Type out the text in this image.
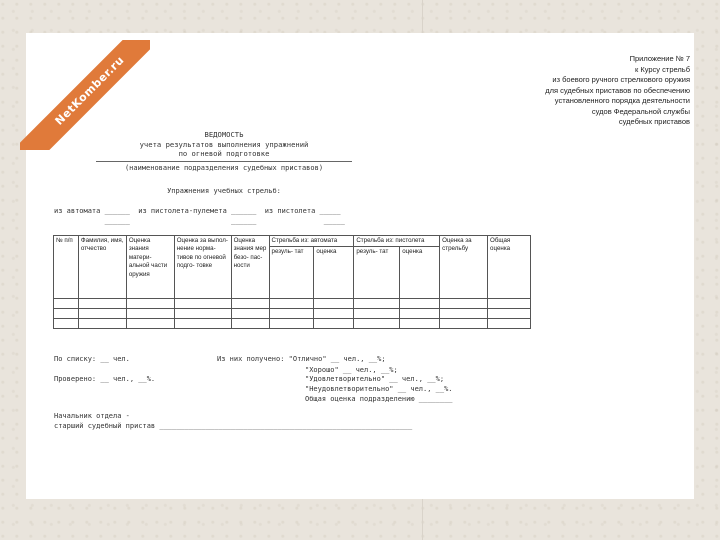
NetKomber.ru	Приложение № 7
к Курсу стрельб
из боевого ручного стрелкового оружия
для судебных приставов по обеспечению
установленного порядка деятельности
судов Федеральной службы
судебных приставов
ВЕДОМОСТЬ
учета результатов выполнения упражнений
по огневой подготовке
(наименование подразделения судебных приставов)
Упражнения учебных стрельб:
из автомата ______  из пистолета-пулемета ______  из пистолета _____
______                        ______                _____
№ п/п	Фамилия, имя, отчество	Оценка знания матери- альной части оружия	Оценка за выпол- нение норма- тивов по огневой подго- товке	Оценка знания мер безо- пас- ности	Стрельба из: автомата		Стрельба из: пистолета		Оценка за стрельбу	Общая оценка
					резуль- тат	оценка	резуль- тат	оценка		

По списку: __ чел.	Из них получено: "Отлично" __ чел., __%;
"Хорошо" __ чел., __%;
Проверено: __ чел., __%.	"Удовлетворительно" __ чел., __%;
"Неудовлетворительно" __ чел., __%.
Общая оценка подразделению ________
Начальник отдела -
старший судебный пристав ____________________________________________________________
